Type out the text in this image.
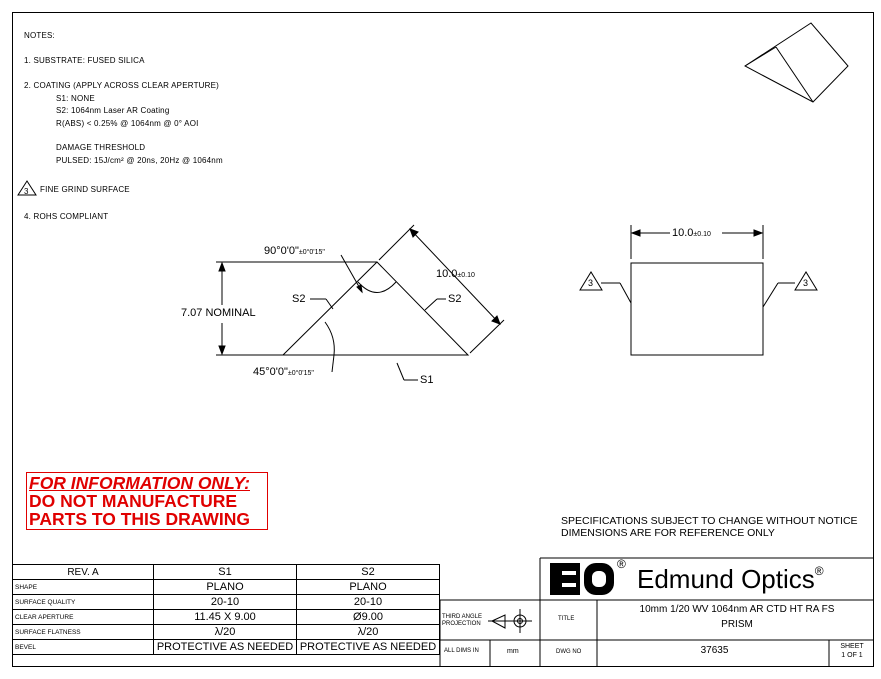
NOTES:
1. SUBSTRATE: FUSED SILICA
2. COATING (APPLY ACROSS CLEAR APERTURE)
S1: NONE
S2: 1064nm Laser AR Coating
R(ABS) < 0.25% @ 1064nm @ 0° AOI
DAMAGE THRESHOLD
PULSED: 15J/cm² @ 20ns, 20Hz @ 1064nm
FINE GRIND SURFACE
4. ROHS COMPLIANT
90°0'0"±0°0'15"
45°0'0"±0°0'15"
7.07 NOMINAL
10.0±0.10
S2	S2
S1
10.0±0.10
3
3	3
FOR INFORMATION ONLY:
DO NOT MANUFACTURE
PARTS TO THIS DRAWING	SPECIFICATIONS SUBJECT TO CHANGE WITHOUT NOTICE
DIMENSIONS ARE FOR REFERENCE ONLY
REV. A	S1	S2
SHAPE	PLANO	PLANO
SURFACE QUALITY	20-10	20-10
CLEAR APERTURE	11.45 X 9.00	Ø9.00
SURFACE FLATNESS	λ/20	λ/20
BEVEL	PROTECTIVE AS NEEDED	PROTECTIVE AS NEEDED
® Edmund Optics®
THIRD ANGLE PROJECTION
TITLE
10mm 1/20 WV 1064nm AR CTD HT RA FS
PRISM
ALL DIMS IN	mm	DWG NO	37635	SHEET
1 OF 1
